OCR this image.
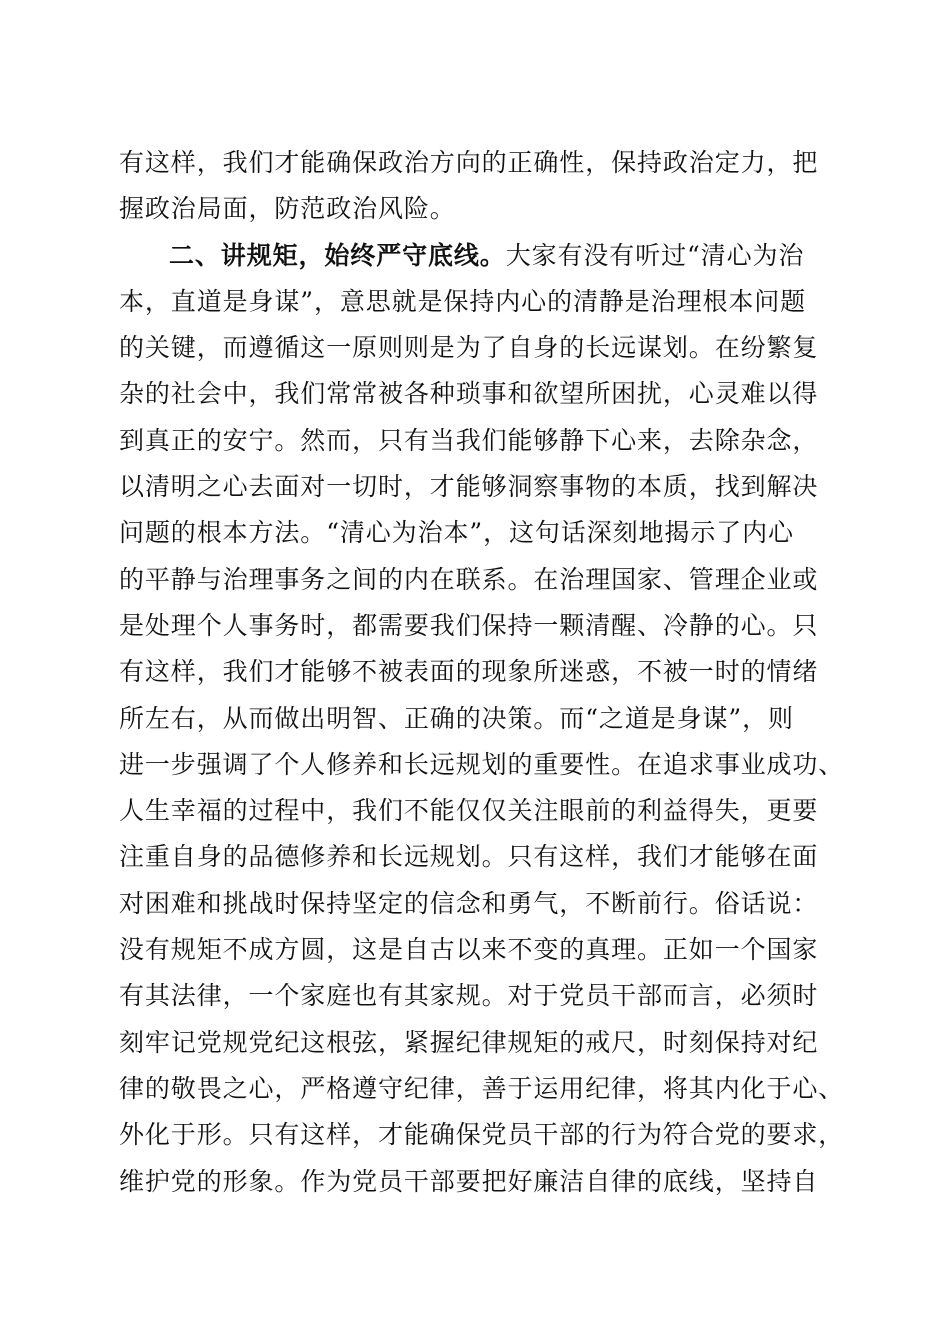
有这样，我们才能确保政治方向的正确性，保持政治定力，把
握政治局面，防范政治风险。
二、讲规矩，始终严守底线。大家有没有听过“清心为治
本，直道是身谋”，意思就是保持内心的清静是治理根本问题
的关键，而遵循这一原则则是为了自身的长远谋划。在纷繁复
杂的社会中，我们常常被各种琐事和欲望所困扰，心灵难以得
到真正的安宁。然而，只有当我们能够静下心来，去除杂念，
以清明之心去面对一切时，才能够洞察事物的本质，找到解决
问题的根本方法。“清心为治本”，这句话深刻地揭示了内心
的平静与治理事务之间的内在联系。在治理国家、管理企业或
是处理个人事务时，都需要我们保持一颗清醒、冷静的心。只
有这样，我们才能够不被表面的现象所迷惑，不被一时的情绪
所左右，从而做出明智、正确的决策。而“之道是身谋”，则
进一步强调了个人修养和长远规划的重要性。在追求事业成功、
人生幸福的过程中，我们不能仅仅关注眼前的利益得失，更要
注重自身的品德修养和长远规划。只有这样，我们才能够在面
对困难和挑战时保持坚定的信念和勇气，不断前行。俗话说：
没有规矩不成方圆，这是自古以来不变的真理。正如一个国家
有其法律，一个家庭也有其家规。对于党员干部而言，必须时
刻牢记党规党纪这根弦，紧握纪律规矩的戒尺，时刻保持对纪
律的敬畏之心，严格遵守纪律，善于运用纪律，将其内化于心、
外化于形。只有这样，才能确保党员干部的行为符合党的要求，
维护党的形象。作为党员干部要把好廉洁自律的底线，坚持自
